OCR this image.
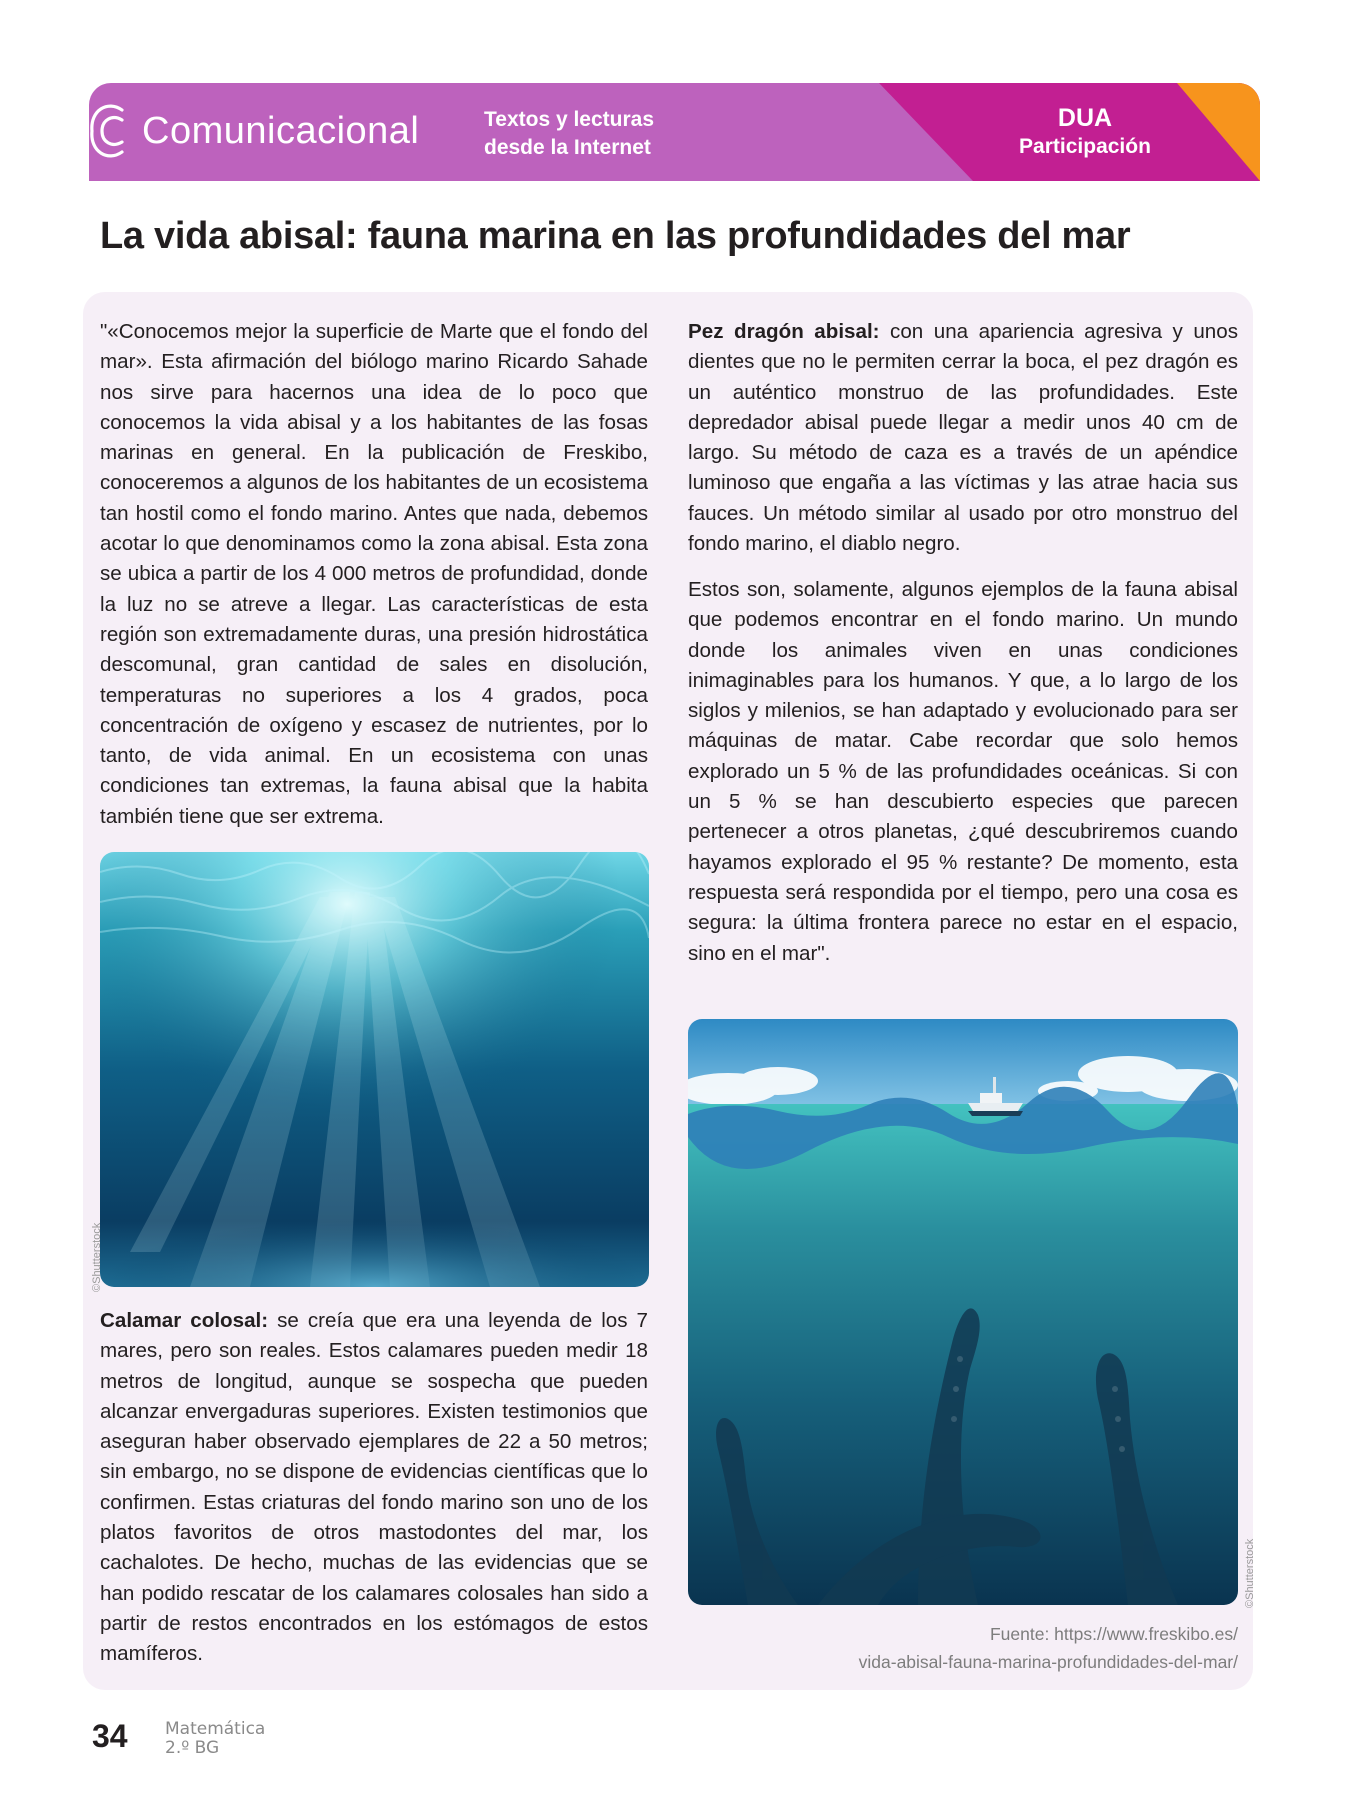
Comunicacional	Textos y lecturas
desde la Internet
DUA
Participación
La vida abisal: fauna marina en las profundidades del mar

"«Conocemos mejor la superficie de Marte que el fondo del mar». Esta afirmación del biólogo marino Ricardo Sahade nos sirve para hacernos una idea de lo poco que conocemos la vida abisal y a los habitantes de las fosas marinas en general. En la publicación de Freskibo, conoceremos a algunos de los habitantes de un ecosistema tan hostil como el fondo marino. Antes que nada, debemos acotar lo que denominamos como la zona abisal. Esta zona se ubica a partir de los 4 000 metros de profundidad, donde la luz no se atreve a llegar. Las características de esta región son extremadamente duras, una presión hidrostática descomunal, gran cantidad de sales en disolución, temperaturas no superiores a los 4 grados, poca concentración de oxígeno y escasez de nutrientes, por lo tanto, de vida animal. En un ecosistema con unas condiciones tan extremas, la fauna abisal que la habita también tiene que ser extrema.

©Shutterstock

Calamar colosal: se creía que era una leyenda de los 7 mares, pero son reales. Estos calamares pueden medir 18 metros de longitud, aunque se sospecha que pueden alcanzar envergaduras superiores. Existen testimonios que aseguran haber observado ejemplares de 22 a 50 metros; sin embargo, no se dispone de evidencias científicas que lo confirmen. Estas criaturas del fondo marino son uno de los platos favoritos de otros mastodontes del mar, los cachalotes. De hecho, muchas de las evidencias que se han podido rescatar de los calamares colosales han sido a partir de restos encontrados en los estómagos de estos mamíferos.

Pez dragón abisal: con una apariencia agresiva y unos dientes que no le permiten cerrar la boca, el pez dragón es un auténtico monstruo de las profundidades. Este depredador abisal puede llegar a medir unos 40 cm de largo. Su método de caza es a través de un apéndice luminoso que engaña a las víctimas y las atrae hacia sus fauces. Un método similar al usado por otro monstruo del fondo marino, el diablo negro.

Estos son, solamente, algunos ejemplos de la fauna abisal que podemos encontrar en el fondo marino. Un mundo donde los animales viven en unas condiciones inimaginables para los humanos. Y que, a lo largo de los siglos y milenios, se han adaptado y evolucionado para ser máquinas de matar. Cabe recordar que solo hemos explorado un 5 % de las profundidades oceánicas. Si con un 5 % se han descubierto especies que parecen pertenecer a otros planetas, ¿qué descubriremos cuando hayamos explorado el 95 % restante? De momento, esta respuesta será respondida por el tiempo, pero una cosa es segura: la última frontera parece no estar en el espacio, sino en el mar".

©Shutterstock
Fuente: https://www.freskibo.es/
vida-abisal-fauna-marina-profundidades-del-mar/
34 Matemática
2.º BG
